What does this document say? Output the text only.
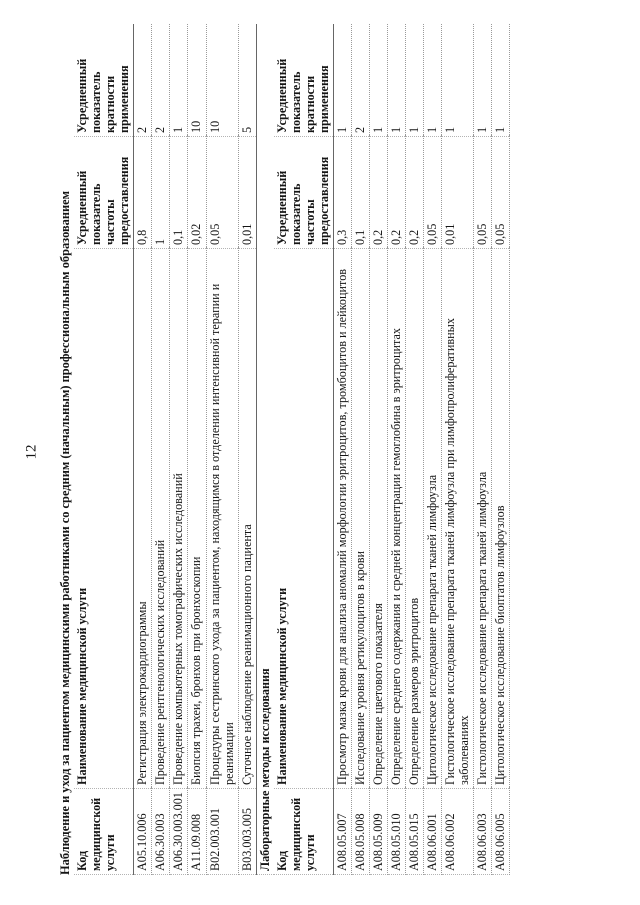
12 Наблюдение и уход за пациентом медицинскими работниками со средним (начальным) профессиональным образованием Код медицинской услуги	Наименование медицинской услуги	Усредненный показатель частоты предоставления	Усредненный показатель кратности применения
A05.10.006	Регистрация электрокардиограммы	0,8	2
A06.30.003	Проведение рентгенологических исследований	1	2
A06.30.003.001	Проведение компьютерных томографических исследований	0,1	1
A11.09.008	Биопсия трахеи, бронхов при бронхоскопии	0,02	10
B02.003.001	Процедуры сестринского ухода за пациентом, находящимся в отделении интенсивной терапии и реанимации	0,05	10
B03.003.005	Суточное наблюдение реанимационного пациента	0,01	5
Лабораторные методы исследования			
Код медицинской услуги	Наименование медицинской услуги	Усредненный показатель частоты предоставления	Усредненный показатель кратности применения
A08.05.007	Просмотр мазка крови для анализа аномалий морфологии эритроцитов, тромбоцитов и лейкоцитов	0,3	1
A08.05.008	Исследование уровня ретикулоцитов в крови	0,1	2
A08.05.009	Определение цветового показателя	0,2	1
A08.05.010	Определение среднего содержания и средней концентрации гемоглобина в эритроцитах	0,2	1
A08.05.015	Определение размеров эритроцитов	0,2	1
A08.06.001	Цитологическое исследование препарата тканей лимфоузла	0,05	1
A08.06.002	Гистологическое исследование препарата тканей лимфоузла при лимфопролиферативных заболеваниях	0,01	1
A08.06.003	Гистологическое исследование препарата тканей лимфоузла	0,05	1
A08.06.005	Цитологическое исследование биоптатов лимфоузлов	0,05	1
